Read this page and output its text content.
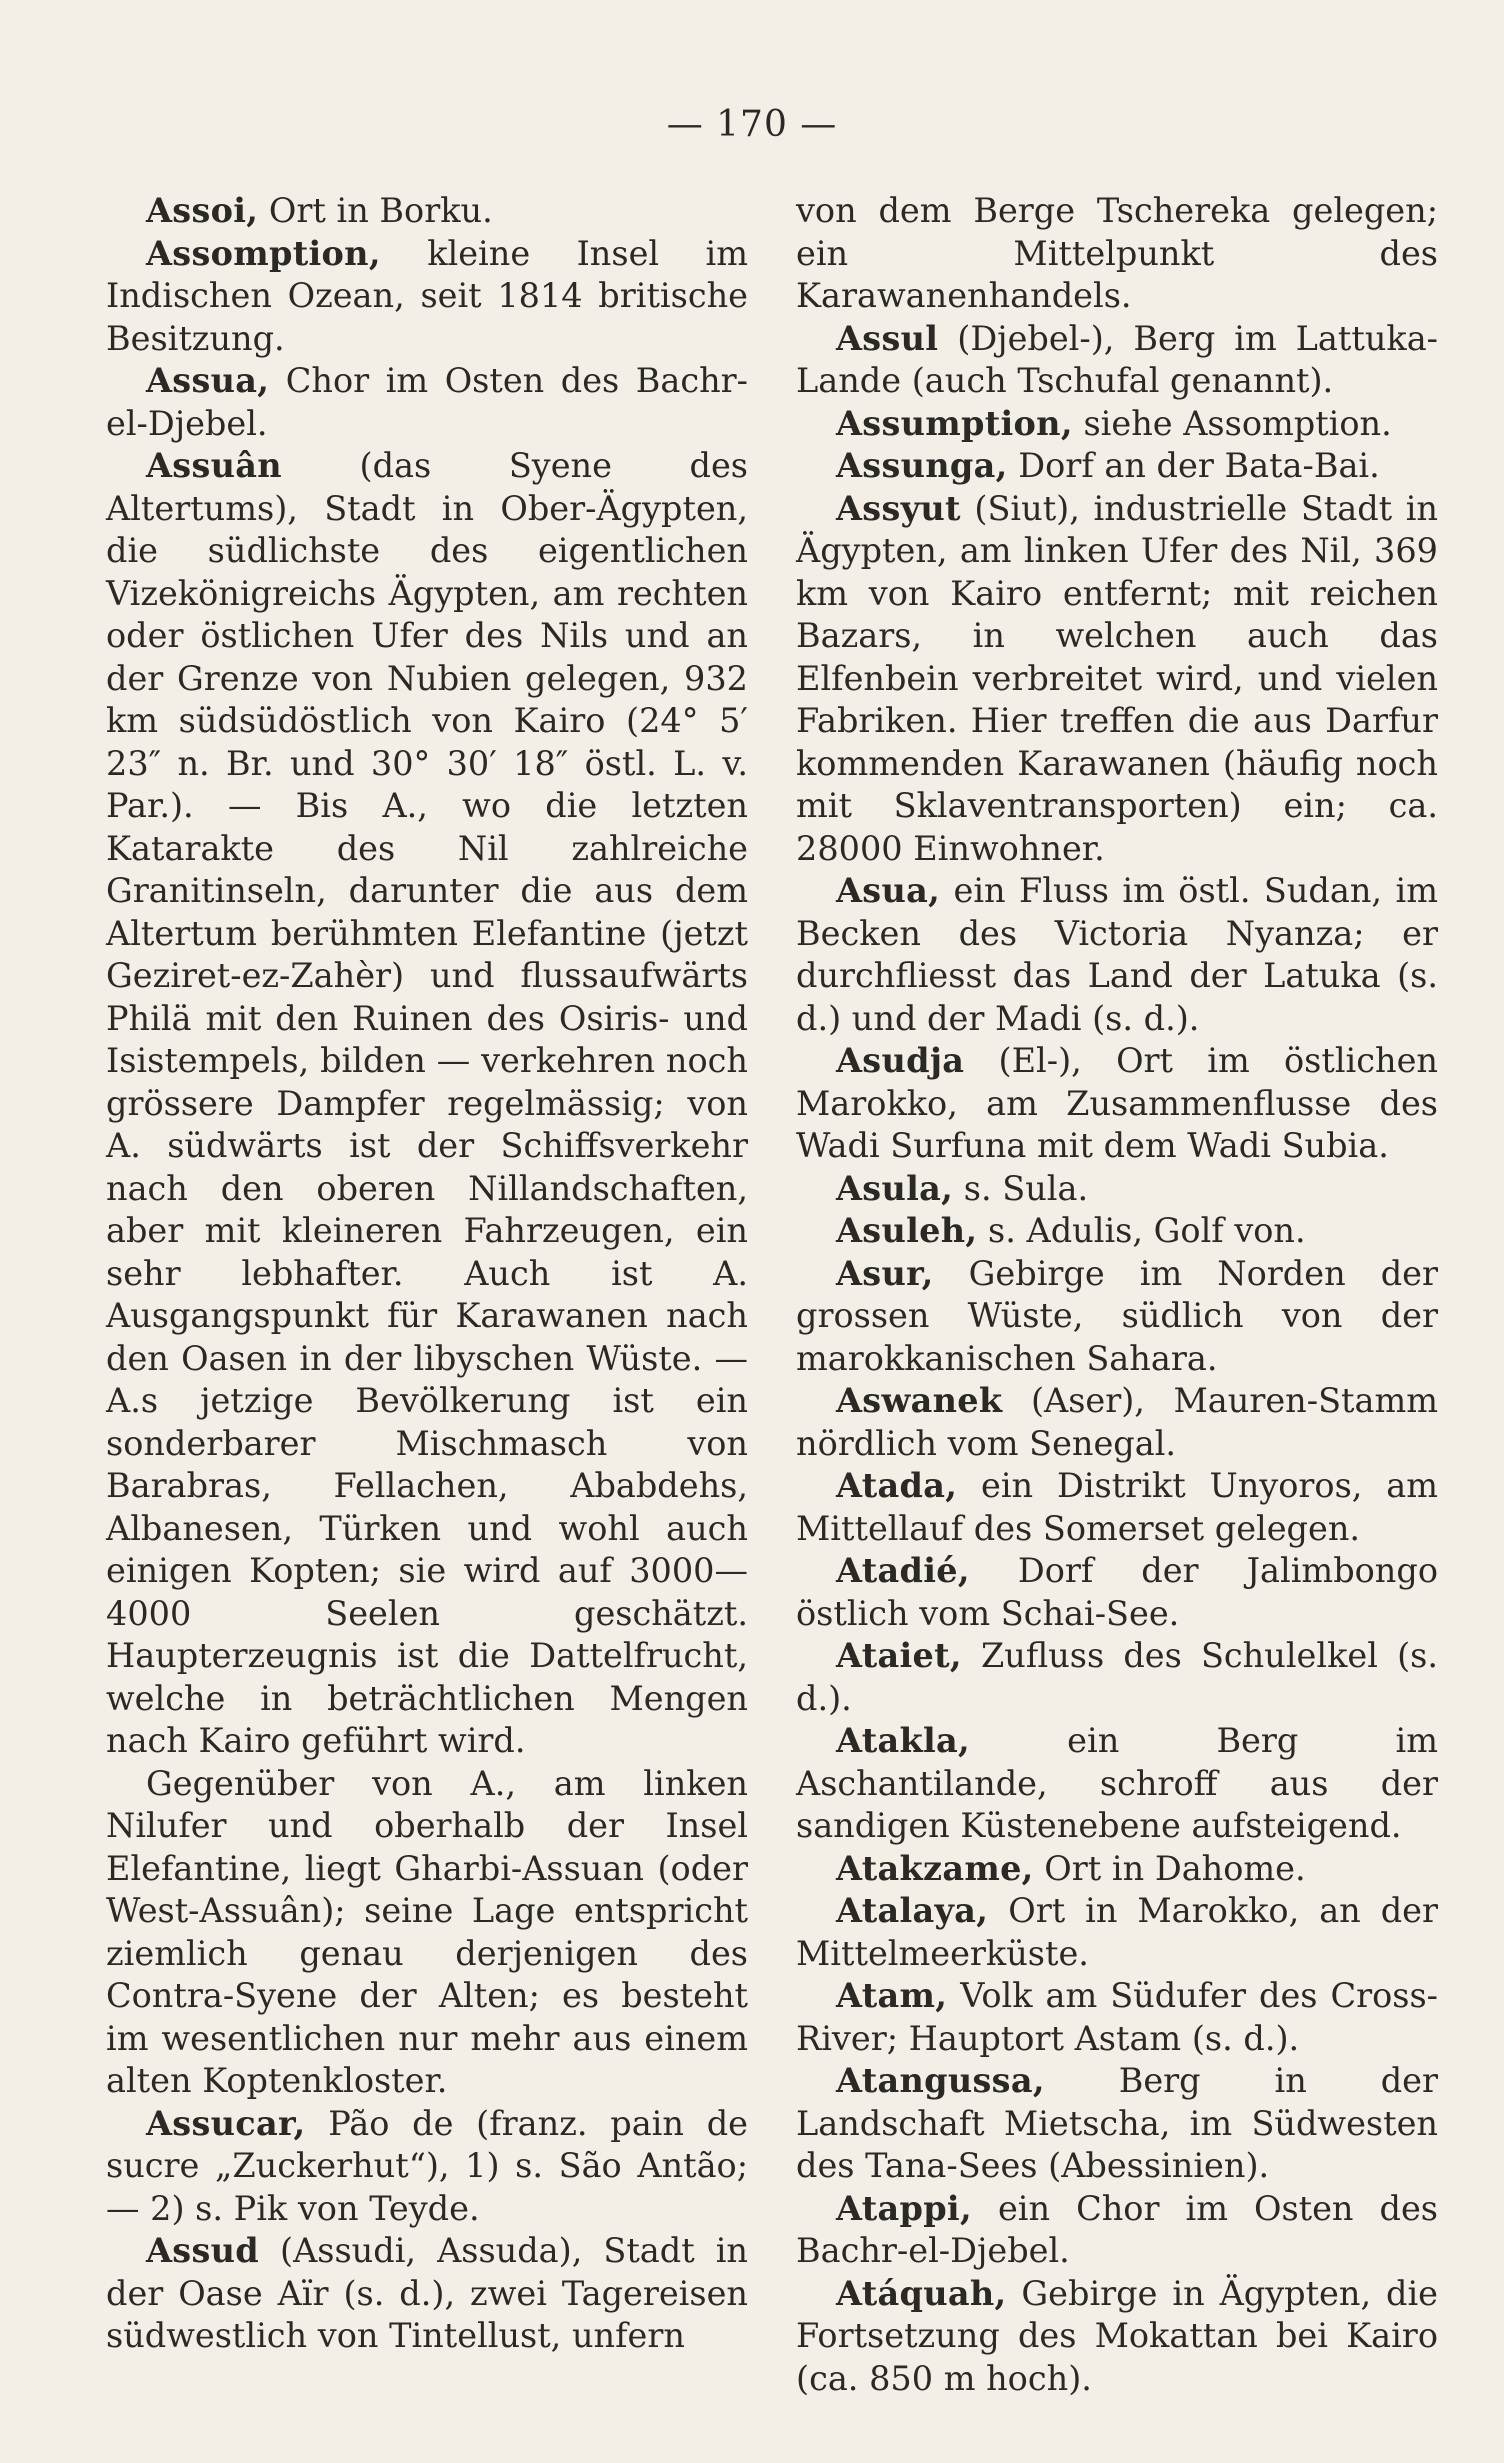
— 170 —

Assoi, Ort in Borku.

Assomption, kleine Insel im Indischen Ozean, seit 1814 britische Besitzung.

Assua, Chor im Osten des Bachr-el-Djebel.

Assuân (das Syene des Altertums), Stadt in Ober-Ägypten, die südlichste des eigentlichen Vizekönigreichs Ägypten, am rechten oder östlichen Ufer des Nils und an der Grenze von Nubien gelegen, 932 km südsüdöstlich von Kairo (24° 5′ 23″ n. Br. und 30° 30′ 18″ östl. L. v. Par.). — Bis A., wo die letzten Katarakte des Nil zahlreiche Granitinseln, darunter die aus dem Altertum berühmten Elefantine (jetzt Geziret-ez-Zahèr) und flussaufwärts Philä mit den Ruinen des Osiris- und Isistempels, bilden — verkehren noch grössere Dampfer regelmässig; von A. südwärts ist der Schiffsverkehr nach den oberen Nillandschaften, aber mit kleineren Fahrzeugen, ein sehr lebhafter. Auch ist A. Ausgangspunkt für Karawanen nach den Oasen in der libyschen Wüste. — A.s jetzige Bevölkerung ist ein sonderbarer Mischmasch von Barabras, Fellachen, Ababdehs, Albanesen, Türken und wohl auch einigen Kopten; sie wird auf 3000—4000 Seelen geschätzt. Haupterzeugnis ist die Dattelfrucht, welche in beträchtlichen Mengen nach Kairo geführt wird.

Gegenüber von A., am linken Nilufer und oberhalb der Insel Elefantine, liegt Gharbi-Assuan (oder West-Assuân); seine Lage entspricht ziemlich genau derjenigen des Contra-Syene der Alten; es besteht im wesentlichen nur mehr aus einem alten Koptenkloster.

Assucar, Pão de (franz. pain de sucre „Zuckerhut“), 1) s. São Antão; — 2) s. Pik von Teyde.

Assud (Assudi, Assuda), Stadt in der Oase Aïr (s. d.), zwei Tagereisen südwestlich von Tintellust, unfern

von dem Berge Tschereka gelegen; ein Mittelpunkt des Karawanenhandels.

Assul (Djebel-), Berg im Lattuka-Lande (auch Tschufal genannt).

Assumption, siehe Assomption.

Assunga, Dorf an der Bata-Bai.

Assyut (Siut), industrielle Stadt in Ägypten, am linken Ufer des Nil, 369 km von Kairo entfernt; mit reichen Bazars, in welchen auch das Elfenbein verbreitet wird, und vielen Fabriken. Hier treffen die aus Darfur kommenden Karawanen (häufig noch mit Sklaventransporten) ein; ca. 28000 Einwohner.

Asua, ein Fluss im östl. Sudan, im Becken des Victoria Nyanza; er durchfliesst das Land der Latuka (s. d.) und der Madi (s. d.).

Asudja (El-), Ort im östlichen Marokko, am Zusammenflusse des Wadi Surfuna mit dem Wadi Subia.

Asula, s. Sula.

Asuleh, s. Adulis, Golf von.

Asur, Gebirge im Norden der grossen Wüste, südlich von der marokkanischen Sahara.

Aswanek (Aser), Mauren-Stamm nördlich vom Senegal.

Atada, ein Distrikt Unyoros, am Mittellauf des Somerset gelegen.

Atadié, Dorf der Jalimbongo östlich vom Schai-See.

Ataiet, Zufluss des Schulelkel (s. d.).

Atakla, ein Berg im Aschantilande, schroff aus der sandigen Küstenebene aufsteigend.

Atakzame, Ort in Dahome.

Atalaya, Ort in Marokko, an der Mittelmeerküste.

Atam, Volk am Südufer des Cross-River; Hauptort Astam (s. d.).

Atangussa, Berg in der Landschaft Mietscha, im Südwesten des Tana-Sees (Abessinien).

Atappi, ein Chor im Osten des Bachr-el-Djebel.

Atáquah, Gebirge in Ägypten, die Fortsetzung des Mokattan bei Kairo (ca. 850 m hoch).
